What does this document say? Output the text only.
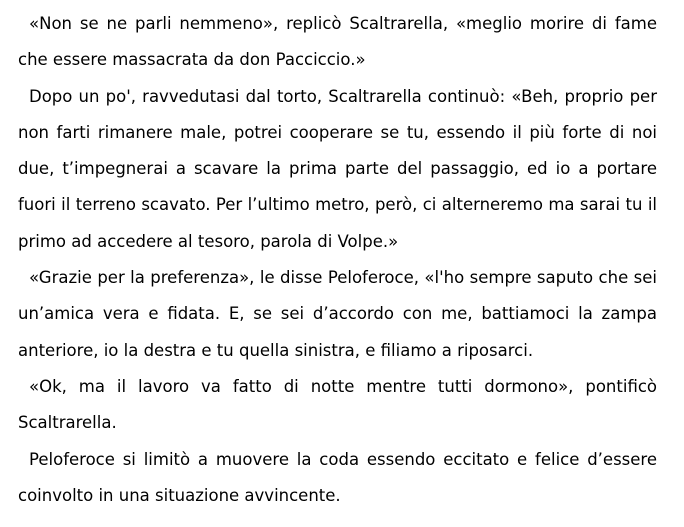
«Non se ne parli nemmeno», replicò Scaltrarella, «meglio morire di fame che essere massacrata da don Pacciccio.»

Dopo un po', ravvedutasi dal torto, Scaltrarella continuò: «Beh, proprio per non farti rimanere male, potrei cooperare se tu, essendo il più forte di noi due, t’impegnerai a scavare la prima parte del passaggio, ed io a portare fuori il terreno scavato. Per l’ultimo metro, però, ci alterneremo ma sarai tu il primo ad accedere al tesoro, parola di Volpe.»

«Grazie per la preferenza», le disse Peloferoce, «l'ho sempre saputo che sei un’amica vera e fidata. E, se sei d’accordo con me, battiamoci la zampa anteriore, io la destra e tu quella sinistra, e filiamo a riposarci.

«Ok, ma il lavoro va fatto di notte mentre tutti dormono», pontificò Scaltrarella.

Peloferoce si limitò a muovere la coda essendo eccitato e felice d’essere coinvolto in una situazione avvincente.
